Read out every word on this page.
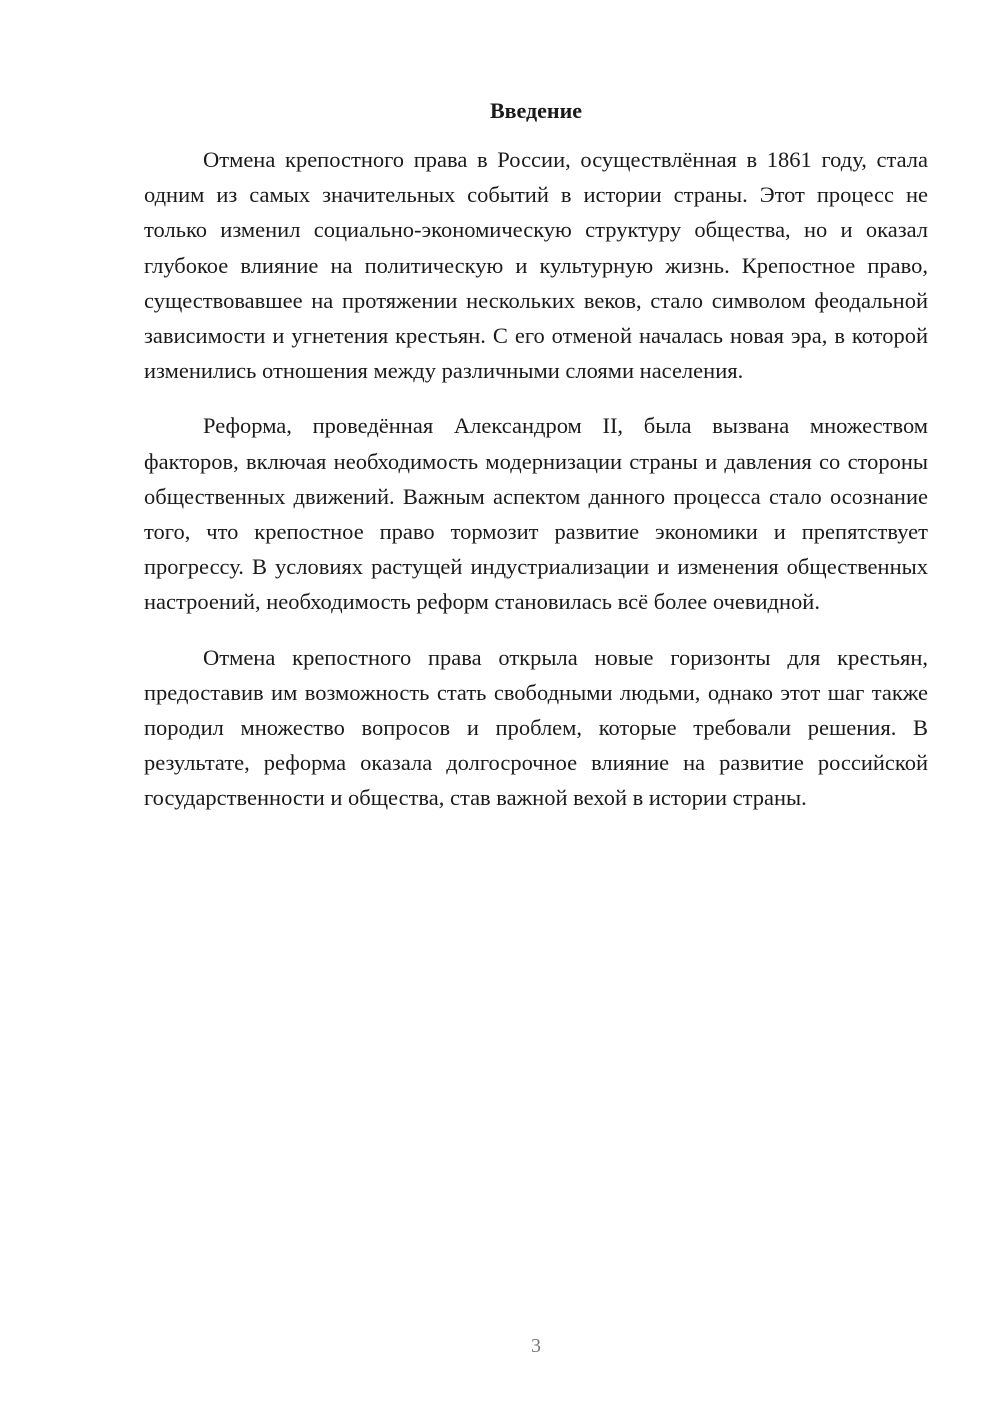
Введение

Отмена крепостного права в России, осуществлённая в 1861 году, стала одним из самых значительных событий в истории страны. Этот процесс не только изменил социально-экономическую структуру общества, но и оказал глубокое влияние на политическую и культурную жизнь. Крепостное право, существовавшее на протяжении нескольких веков, стало символом феодальной зависимости и угнетения крестьян. С его отменой началась новая эра, в которой изменились отношения между различными слоями населения.

Реформа, проведённая Александром II, была вызвана множеством факторов, включая необходимость модернизации страны и давления со стороны общественных движений. Важным аспектом данного процесса стало осознание того, что крепостное право тормозит развитие экономики и препятствует прогрессу. В условиях растущей индустриализации и изменения общественных настроений, необходимость реформ становилась всё более очевидной.

Отмена крепостного права открыла новые горизонты для крестьян, предоставив им возможность стать свободными людьми, однако этот шаг также породил множество вопросов и проблем, которые требовали решения. В результате, реформа оказала долгосрочное влияние на развитие российской государственности и общества, став важной вехой в истории страны.

3
